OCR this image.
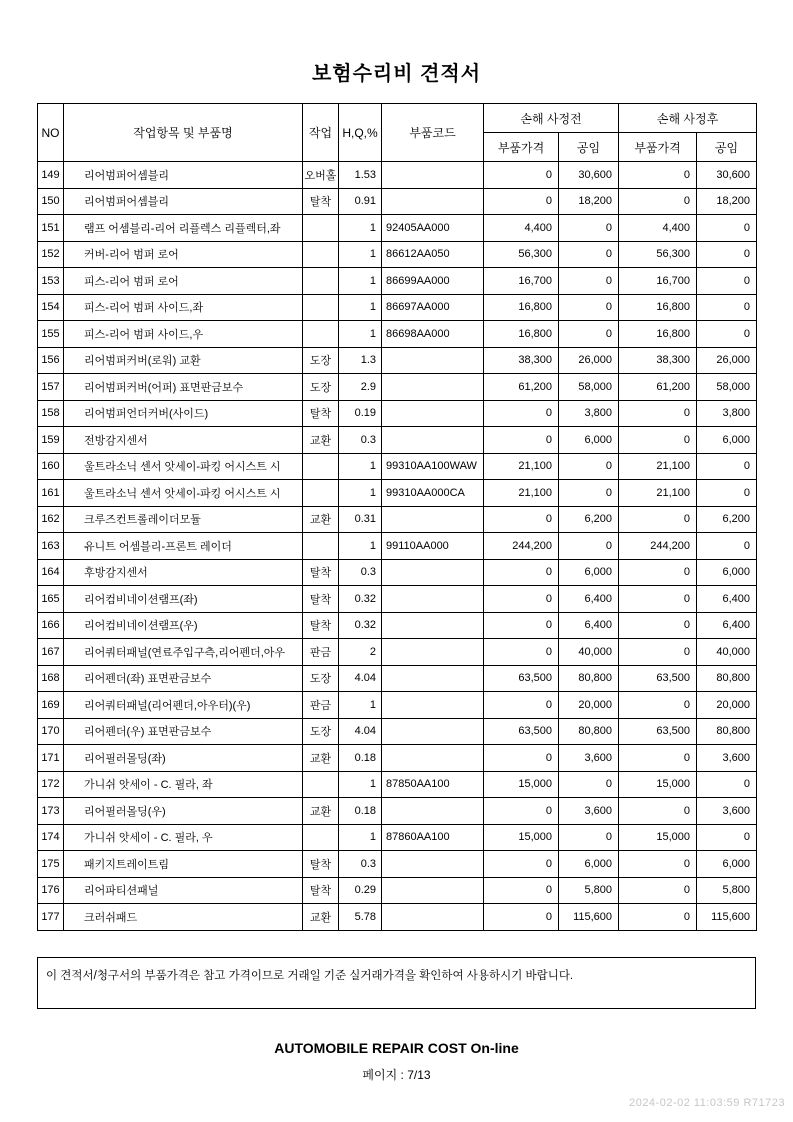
보험수리비 견적서
NO	작업항목 및 부품명	작업	H,Q,%	부품코드	손해 사정전		손해 사정후	
					부품가격	공임	부품가격	공임
149	리어범퍼어셈블리	오버홀	1.53		0	30,600	0	30,600
150	리어범퍼어셈블리	탈착	0.91		0	18,200	0	18,200
151	램프 어셈블리-리어 리플렉스 리플렉터,좌		1	92405AA000	4,400	0	4,400	0
152	커버-리어 범퍼 로어		1	86612AA050	56,300	0	56,300	0
153	피스-리어 범퍼 로어		1	86699AA000	16,700	0	16,700	0
154	피스-리어 범퍼 사이드,좌		1	86697AA000	16,800	0	16,800	0
155	피스-리어 범퍼 사이드,우		1	86698AA000	16,800	0	16,800	0
156	리어범퍼커버(로워) 교환	도장	1.3		38,300	26,000	38,300	26,000
157	리어범퍼커버(어퍼) 표면판금보수	도장	2.9		61,200	58,000	61,200	58,000
158	리어범퍼언더커버(사이드)	탈착	0.19		0	3,800	0	3,800
159	전방감지센서	교환	0.3		0	6,000	0	6,000
160	울트라소닉 센서 앗세이-파킹 어시스트 시		1	99310AA100WAW	21,100	0	21,100	0
161	울트라소닉 센서 앗세이-파킹 어시스트 시		1	99310AA000CA	21,100	0	21,100	0
162	크루즈컨트롤레이더모듈	교환	0.31		0	6,200	0	6,200
163	유니트 어셈블리-프론트 레이더		1	99110AA000	244,200	0	244,200	0
164	후방감지센서	탈착	0.3		0	6,000	0	6,000
165	리어컴비네이션램프(좌)	탈착	0.32		0	6,400	0	6,400
166	리어컴비네이션램프(우)	탈착	0.32		0	6,400	0	6,400
167	리어쿼터패널(연료주입구측,리어펜더,아우	판금	2		0	40,000	0	40,000
168	리어펜더(좌) 표면판금보수	도장	4.04		63,500	80,800	63,500	80,800
169	리어쿼터패널(리어펜더,아우터)(우)	판금	1		0	20,000	0	20,000
170	리어펜더(우) 표면판금보수	도장	4.04		63,500	80,800	63,500	80,800
171	리어필러몰딩(좌)	교환	0.18		0	3,600	0	3,600
172	가니쉬 앗세이 - C. 필라, 좌		1	87850AA100	15,000	0	15,000	0
173	리어필러몰딩(우)	교환	0.18		0	3,600	0	3,600
174	가니쉬 앗세이 - C. 필라, 우		1	87860AA100	15,000	0	15,000	0
175	패키지트레이트림	탈착	0.3		0	6,000	0	6,000
176	리어파티션패널	탈착	0.29		0	5,800	0	5,800
177	크러쉬패드	교환	5.78		0	115,600	0	115,600
이 견적서/청구서의 부품가격은 참고 가격이므로 거래일 기준 실거래가격을 확인하여 사용하시기 바랍니다.
AUTOMOBILE REPAIR COST On-line
페이지 : 7/13
2024-02-02 11:03:59 R71723
